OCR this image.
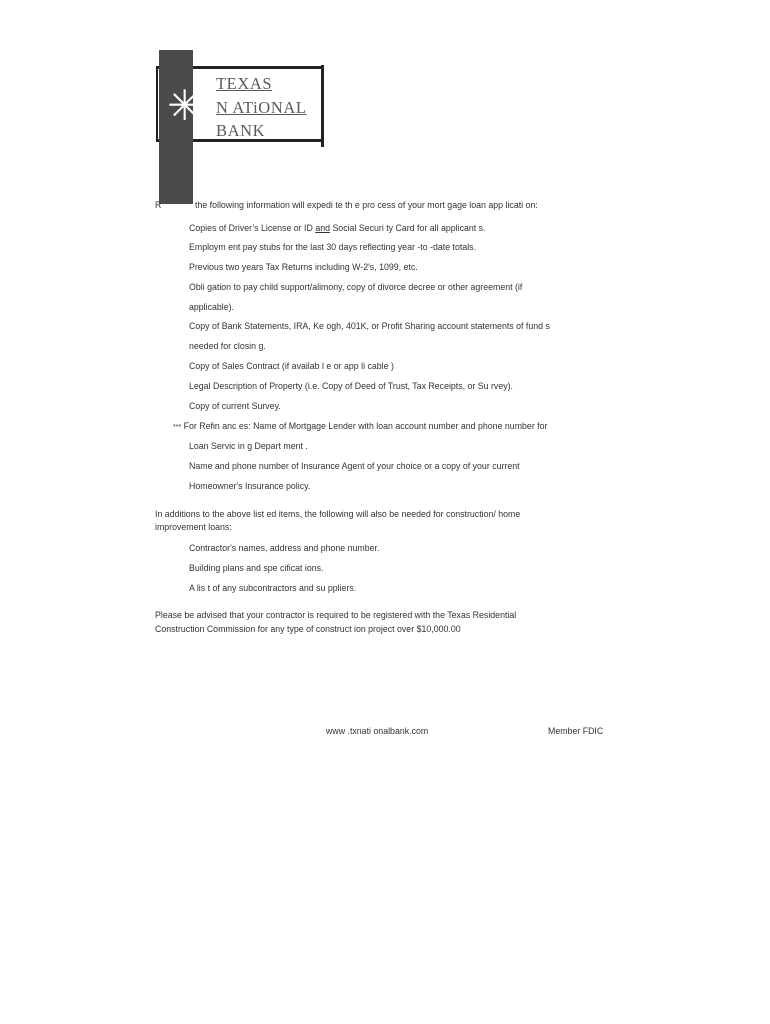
✳ TEXAS
N ATiONAL
BANK
R	the following information will expedi te th e pro cess of your mort gage loan app licati on:
Copies of Driver’s License or ID and Social Securi ty Card for all applicant s.
Employm ent pay stubs for the last 30 days reflecting year -to -date totals.
Previous two years Tax Returns including W-2's, 1099, etc.
Obli gation to pay child support/alimony, copy of divorce decree or other agreement (if
applicable).
Copy of Bank Statements, IRA, Ke ogh, 401K, or Profit Sharing account statements of fund s
needed for closin g.
Copy of Sales Contract (if availab l e or app li cable )
Legal Description of Property (i.e. Copy of Deed of Trust, Tax Receipts, or Su rvey).
Copy of current Survey.
*** For Refin anc es: Name of Mortgage Lender with loan account number and phone number for
Loan Servic in g Depart ment .
Name and phone number of Insurance Agent of your choice or a copy of your current
Homeowner's Insurance policy.
In additions to the above list ed items, the following will also be needed for construction/ home
improvement loans:
Contractor's names, address and phone number.
Building plans and spe cificat ions.
A lis t of any subcontractors and su ppliers.
Please be advised that your contractor is required to be registered with the Texas Residential
Construction Commission for any type of construct ion project over $10,000.00
www .txnati onalbank.com	Member FDIC
